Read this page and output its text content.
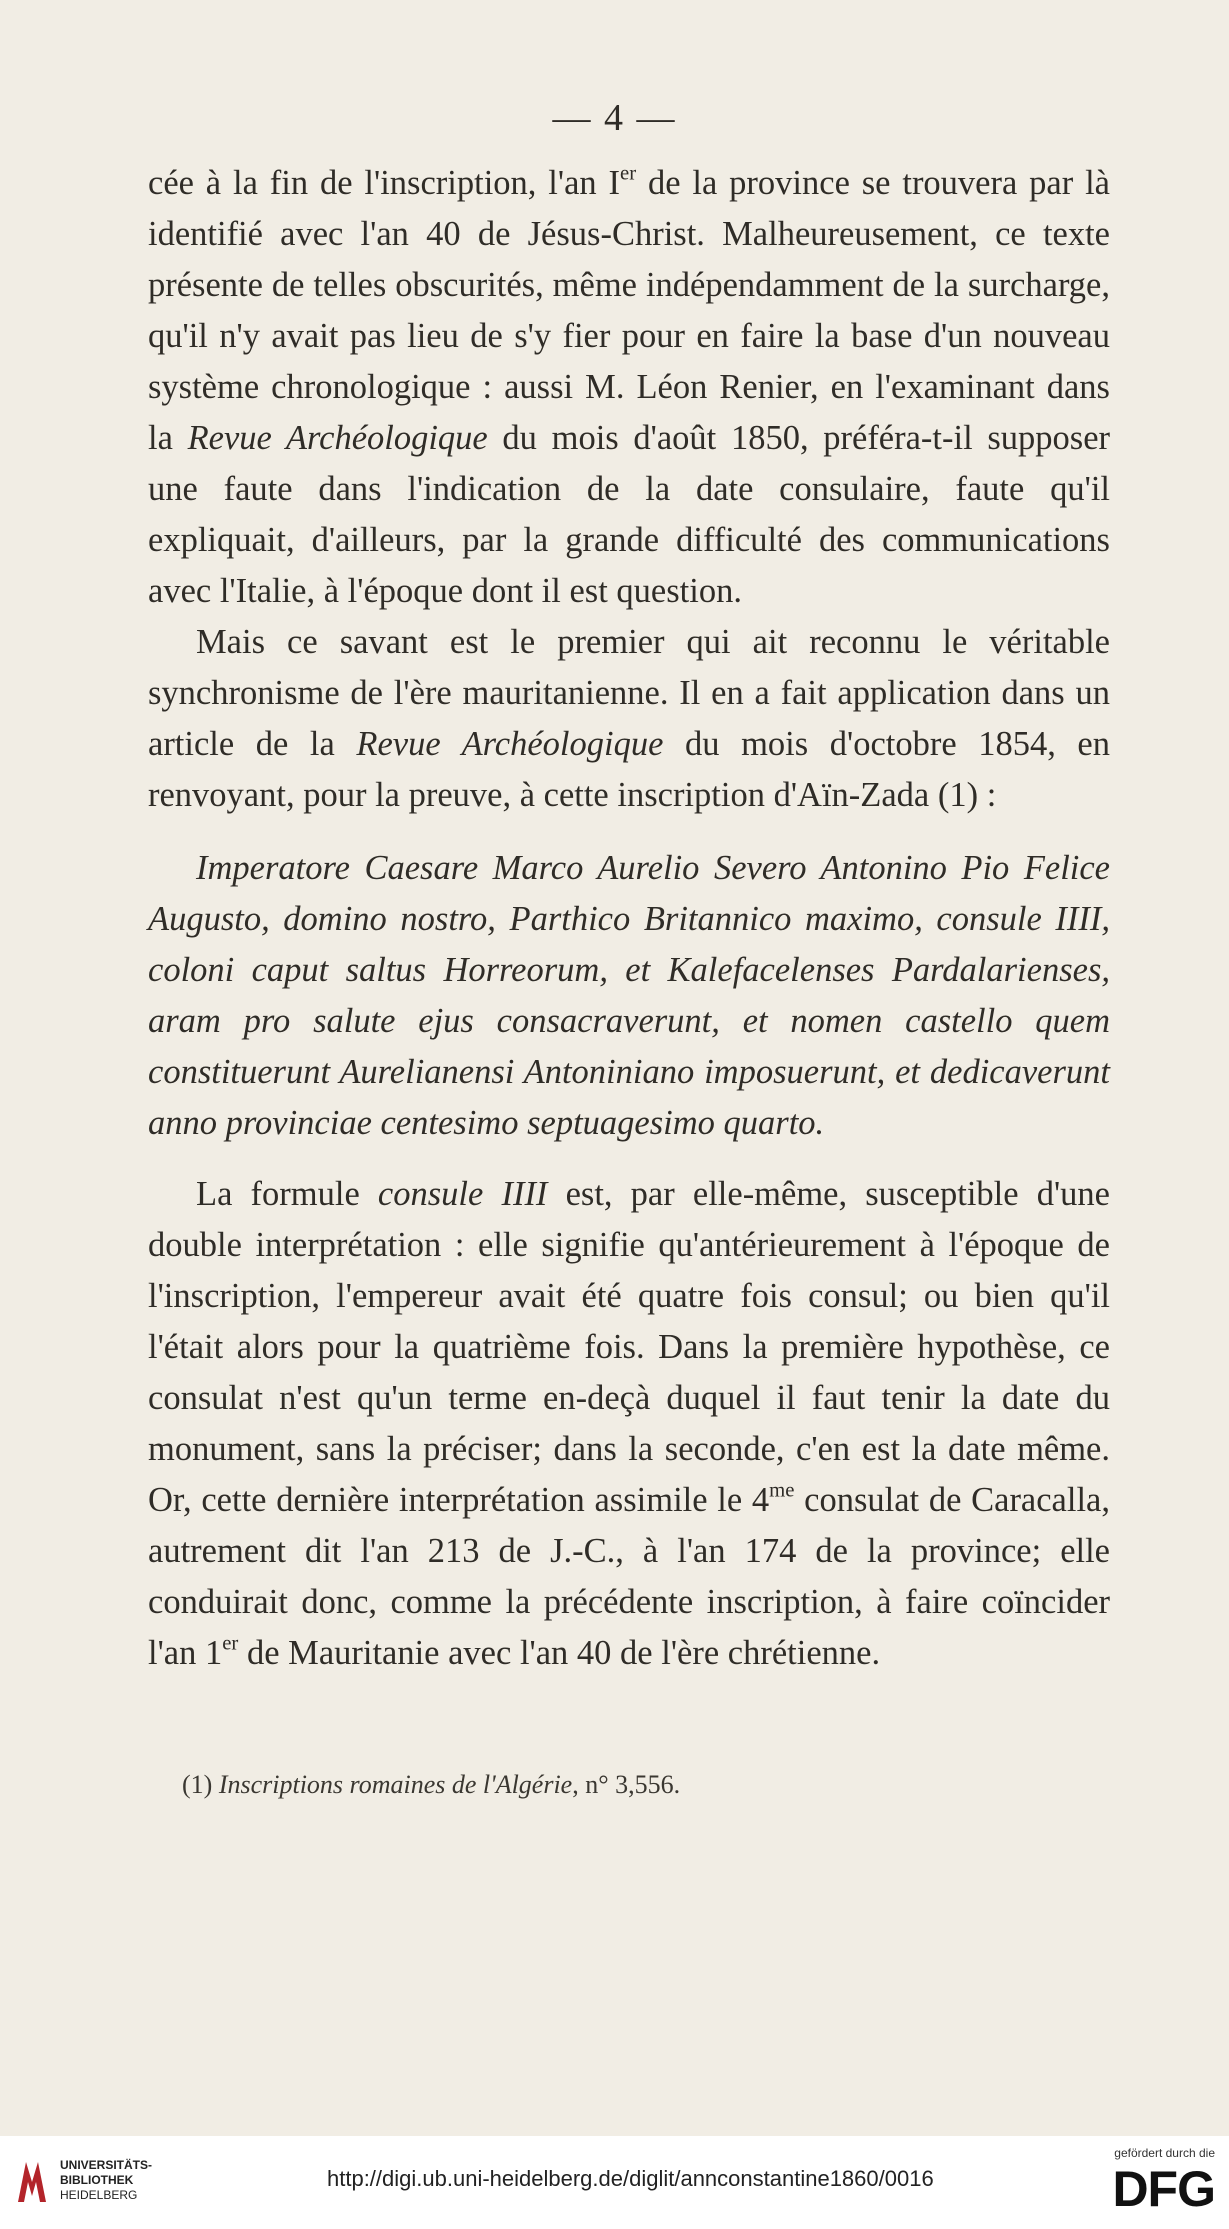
— 4 —

cée à la fin de l'inscription, l'an Ier de la province se trouvera par là identifié avec l'an 40 de Jésus-Christ. Malheureusement, ce texte présente de telles obscurités, même indépendamment de la surcharge, qu'il n'y avait pas lieu de s'y fier pour en faire la base d'un nouveau système chronologique : aussi M. Léon Renier, en l'examinant dans la Revue Archéologique du mois d'août 1850, préféra-t-il supposer une faute dans l'indication de la date consulaire, faute qu'il expliquait, d'ailleurs, par la grande difficulté des communications avec l'Italie, à l'époque dont il est question.

Mais ce savant est le premier qui ait reconnu le véritable synchronisme de l'ère mauritanienne. Il en a fait application dans un article de la Revue Archéologique du mois d'octobre 1854, en renvoyant, pour la preuve, à cette inscription d'Aïn-Zada (1) :

Imperatore Caesare Marco Aurelio Severo Antonino Pio Felice Augusto, domino nostro, Parthico Britannico maximo, consule IIII, coloni caput saltus Horreorum, et Kalefacelenses Pardalarienses, aram pro salute ejus consacraverunt, et nomen castello quem constituerunt Aurelianensi Antoniniano imposuerunt, et dedicaverunt anno provinciae centesimo septuagesimo quarto.

La formule consule IIII est, par elle-même, susceptible d'une double interprétation : elle signifie qu'antérieurement à l'époque de l'inscription, l'empereur avait été quatre fois consul; ou bien qu'il l'était alors pour la quatrième fois. Dans la première hypothèse, ce consulat n'est qu'un terme en-deçà duquel il faut tenir la date du monument, sans la préciser; dans la seconde, c'en est la date même. Or, cette dernière interprétation assimile le $4^{me}$ consulat de Caracalla, autrement dit l'an 213 de J.-C., à l'an 174 de la province; elle conduirait donc, comme la précédente inscription, à faire coïncider l'an 1er de Mauritanie avec l'an 40 de l'ère chrétienne.

(1) Inscriptions romaines de l'Algérie, n° 3,556.
UNIVERSITÄTS-
BIBLIOTHEK
HEIDELBERG
http://digi.ub.uni-heidelberg.de/diglit/annconstantine1860/0016
gefördert durch die
DFG
